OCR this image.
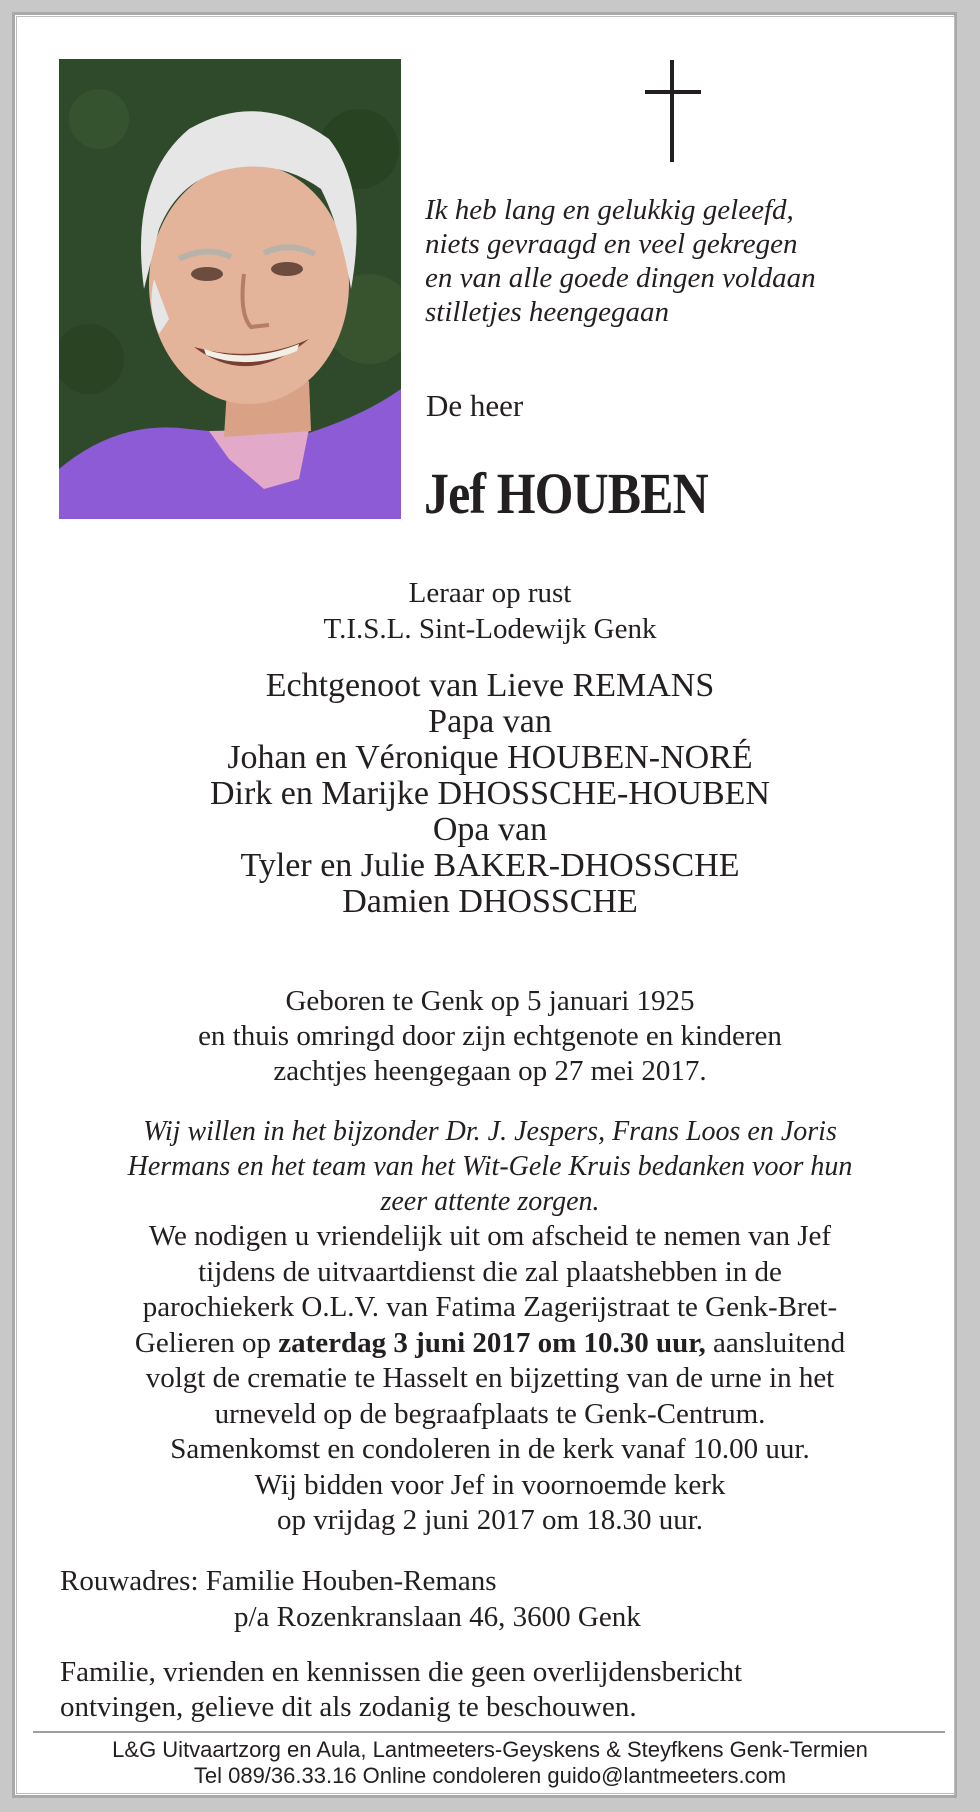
Ik heb lang en gelukkig geleefd,
niets gevraagd en veel gekregen
en van alle goede dingen voldaan
stilletjes heengegaan

De heer

Jef HOUBEN
Leraar op rust
T.I.S.L. Sint-Lodewijk Genk
Echtgenoot van Lieve REMANS
Papa van
Johan en Véronique HOUBEN-NORÉ
Dirk en Marijke DHOSSCHE-HOUBEN
Opa van
Tyler en Julie BAKER-DHOSSCHE
Damien DHOSSCHE
Geboren te Genk op 5 januari 1925
en thuis omringd door zijn echtgenote en kinderen
zachtjes heengegaan op 27 mei 2017.
Wij willen in het bijzonder Dr. J. Jespers, Frans Loos en Joris
Hermans en het team van het Wit-Gele Kruis bedanken voor hun
zeer attente zorgen.
We nodigen u vriendelijk uit om afscheid te nemen van Jef
tijdens de uitvaartdienst die zal plaatshebben in de
parochiekerk O.L.V. van Fatima Zagerijstraat te Genk-Bret-
Gelieren op zaterdag 3 juni 2017 om 10.30 uur, aansluitend
volgt de crematie te Hasselt en bijzetting van de urne in het
urneveld op de begraafplaats te Genk-Centrum.
Samenkomst en condoleren in de kerk vanaf 10.00 uur.
Wij bidden voor Jef in voornoemde kerk
op vrijdag 2 juni 2017 om 18.30 uur.
Rouwadres: Familie Houben-Remans
p/a Rozenkranslaan 46, 3600 Genk
Familie, vrienden en kennissen die geen overlijdensbericht
ontvingen, gelieve dit als zodanig te beschouwen.
L&G Uitvaartzorg en Aula, Lantmeeters-Geyskens & Steyfkens Genk-Termien
Tel 089/36.33.16 Online condoleren guido@lantmeeters.com
